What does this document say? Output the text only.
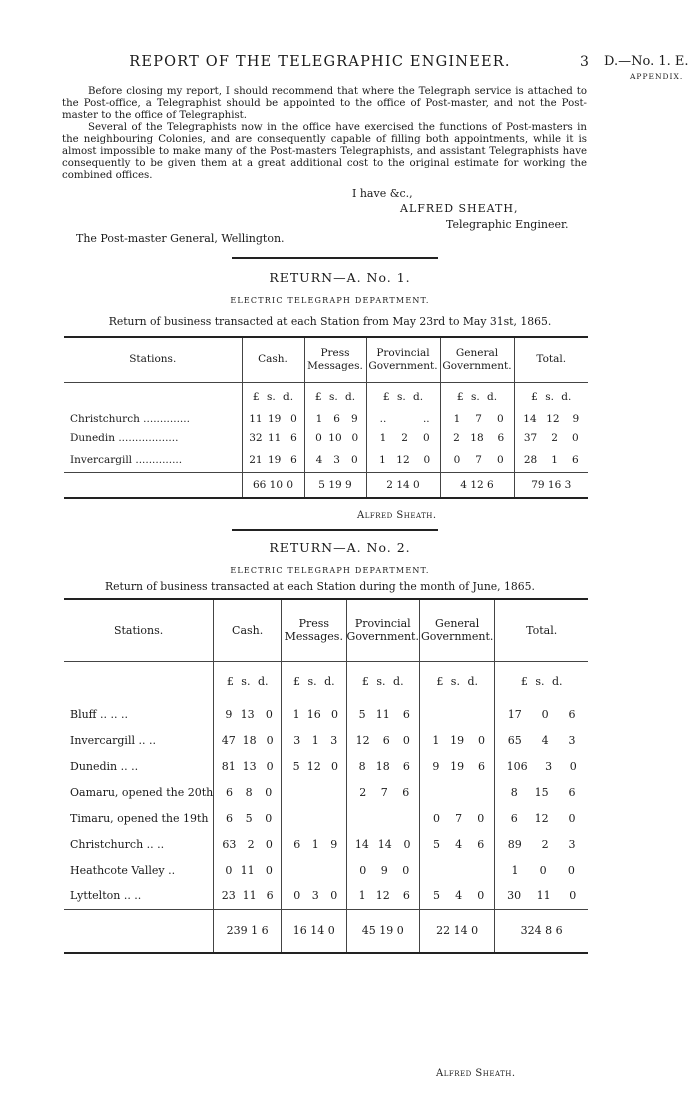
REPORT OF THE TELEGRAPHIC ENGINEER.	3 D.—No. 1. E.
APPENDIX.
Before closing my report, I should recommend that where the Telegraph service is attached to the Post-office, a Telegraphist should be appointed to the office of Post-master, and not the Post-master to the office of Telegraphist.
Several of the Telegraphists now in the office have exercised the functions of Post-masters in the neighbouring Colonies, and are consequently capable of filling both appointments, while it is almost impossible to make many of the Post-masters Telegraphists, and assistant Telegraphists have consequently to be given them at a great additional cost to the original estimate for working the combined offices.
I have &c.,
ALFRED SHEATH,
Telegraphic Engineer.
The Post-master General, Wellington.
RETURN—A. No. 1.
ELECTRIC TELEGRAPH DEPARTMENT.
Return of business transacted at each Station from May 23rd to May 31st, 1865.
Stations.	Cash.	Press Messages.	Provincial Government.	General Government.	Total.
	£ s. d.	£ s. d.	£ s. d.	£ s. d.	£ s. d.
Christchurch ..............	11 19 0	1 6 9	.. ..	1 7 0	14 12 9

Dunedin ..................	32 11 6	0 10 0	1 2 0	2 18 6	37 2 0

Invercargill ..............	21 19 6	4 3 0	1 12 0	0 7 0	28 1 6

	66 10 0	5 19 9	2 14 0	4 12 6	79 16 3
Alfred Sheath.
RETURN—A. No. 2.
ELECTRIC TELEGRAPH DEPARTMENT.
Return of business transacted at each Station during the month of June, 1865.
Stations.	Cash.	Press Messages.	Provincial Government.	General Government.	Total.
	£ s. d.	£ s. d.	£ s. d.	£ s. d.	£ s. d.
Bluff .. .. ..	9 13 0	1 16 0	5 11 6		17 0 6

Invercargill .. ..	47 18 0	3 1 3	12 6 0	1 19 0	65 4 3

Dunedin .. ..	81 13 0	5 12 0	8 18 6	9 19 6	106 3 0

Oamaru, opened the 20th	6 8 0		2 7 6		8 15 6

Timaru, opened the 19th	6 5 0			0 7 0	6 12 0

Christchurch .. ..	63 2 0	6 1 9	14 14 0	5 4 6	89 2 3

Heathcote Valley ..	0 11 0		0 9 0		1 0 0

Lyttelton .. ..	23 11 6	0 3 0	1 12 6	5 4 0	30 11 0

	239 1 6	16 14 0	45 19 0	22 14 0	324 8 6
Alfred Sheath.
